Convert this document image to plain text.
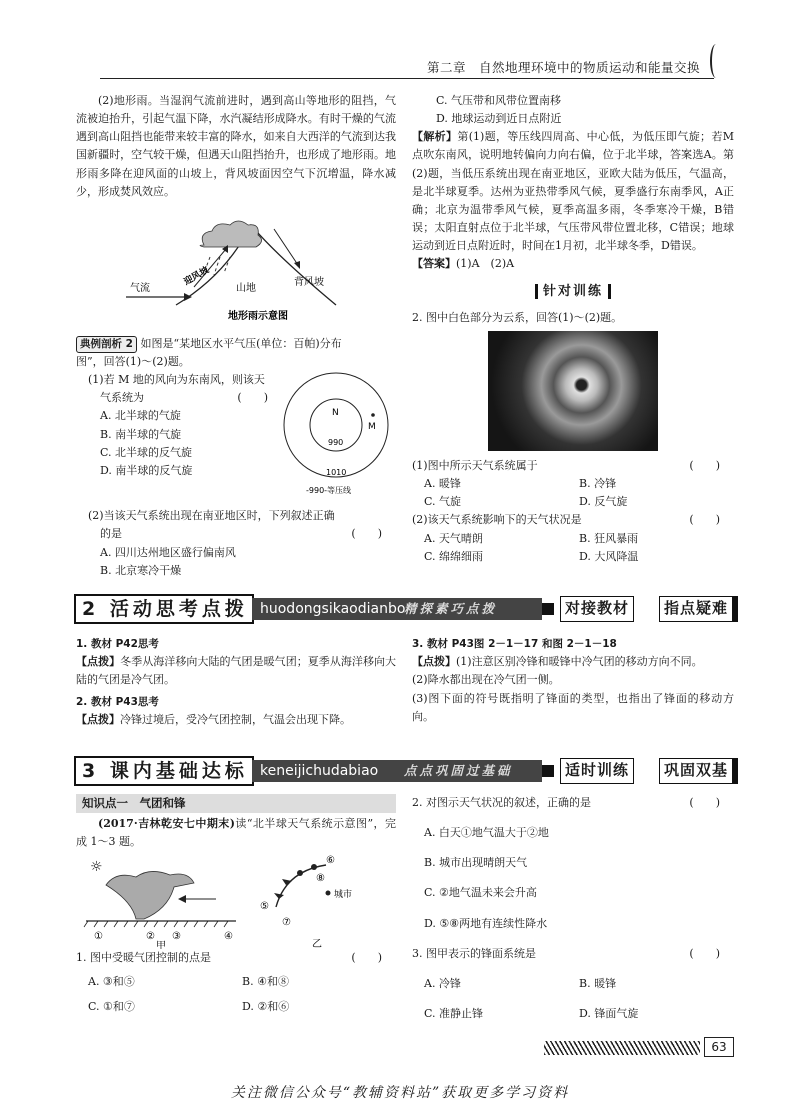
第二章　自然地理环境中的物质运动和能量交换

(2)地形雨。当湿润气流前进时，遇到高山等地形的阻挡，气流被迫抬升，引起气温下降，水汽凝结形成降水。有时干燥的气流遇到高山阻挡也能带来较丰富的降水，如来自大西洋的气流到达我国新疆时，空气较干燥，但遇天山阻挡抬升，也形成了地形雨。地形雨多降在迎风面的山坡上，背风坡面因空气下沉增温，降水减少，形成焚风效应。

气流
迎风坡
山地
背风坡
地形雨示意图

典例剖析 2 如图是“某地区水平气压(单位：百帕)分布

图”，回答(1)～(2)题。

(1)若 M 地的风向为东南风，则该天

气系统为	(　　)

A. 北半球的气旋

B. 南半球的气旋

C. 北半球的反气旋

D. 南半球的反气旋

N
M
990
1010
-990-等压线

(2)当该天气系统出现在南亚地区时，下列叙述正确

的是	(　　)

A. 四川达州地区盛行偏南风

B. 北京寒冷干燥

C. 气压带和风带位置南移

D. 地球运动到近日点附近

【解析】第(1)题，等压线四周高、中心低，为低压即气旋；若M点吹东南风，说明地转偏向力向右偏，位于北半球，答案选A。第(2)题，当低压系统出现在南亚地区，亚欧大陆为低压，气温高，是北半球夏季。达州为亚热带季风气候，夏季盛行东南季风，A正确；北京为温带季风气候，夏季高温多雨，冬季寒冷干燥，B错误；太阳直射点位于北半球，气压带风带位置北移，C错误；地球运动到近日点附近时，时间在1月初，北半球冬季，D错误。

【答案】(1)A　(2)A

针对训练

2. 图中白色部分为云系，回答(1)～(2)题。

(1)图中所示天气系统属于	(　　)

A. 暖锋	B. 冷锋
C. 气旋	D. 反气旋

(2)该天气系统影响下的天气状况是	(　　)

A. 天气晴朗	B. 狂风暴雨
C. 绵绵细雨	D. 大风降温
2 活动思考点拨 huodongsikaodianbo
精探素巧点拨	对接教材	指点疑难

1. 教材 P42思考

【点拨】冬季从海洋移向大陆的气团是暖气团；夏季从海洋移向大陆的气团是冷气团。

2. 教材 P43思考

【点拨】冷锋过境后，受冷气团控制，气温会出现下降。

3. 教材 P43图 2－1－17 和图 2－1－18

【点拨】(1)注意区别冷锋和暖锋中冷气团的移动方向不同。

(2)降水都出现在冷气团一侧。

(3)图下面的符号既指明了锋面的类型，也指出了锋面的移动方向。

3 课内基础达标 keneijichudabiao	点点巩固过基础	适时训练	巩固双基
知识点一　气团和锋

(2017·吉林乾安七中期末)读“北半球天气系统示意图”，完成 1～3 题。

☼
①	② ③	④
甲
城市
⑥
⑧
⑤
⑦
乙

1. 图中受暖气团控制的点是	(　　)

A. ③和⑤	B. ④和⑧
C. ①和⑦	D. ②和⑥

2. 对图示天气状况的叙述，正确的是	(　　)

A. 白天①地气温大于②地

B. 城市出现晴朗天气

C. ②地气温未来会升高

D. ⑤⑧两地有连续性降水

3. 图甲表示的锋面系统是	(　　)

A. 冷锋	B. 暖锋
C. 准静止锋	D. 锋面气旋
63
关注微信公众号“教辅资料站”获取更多学习资料
